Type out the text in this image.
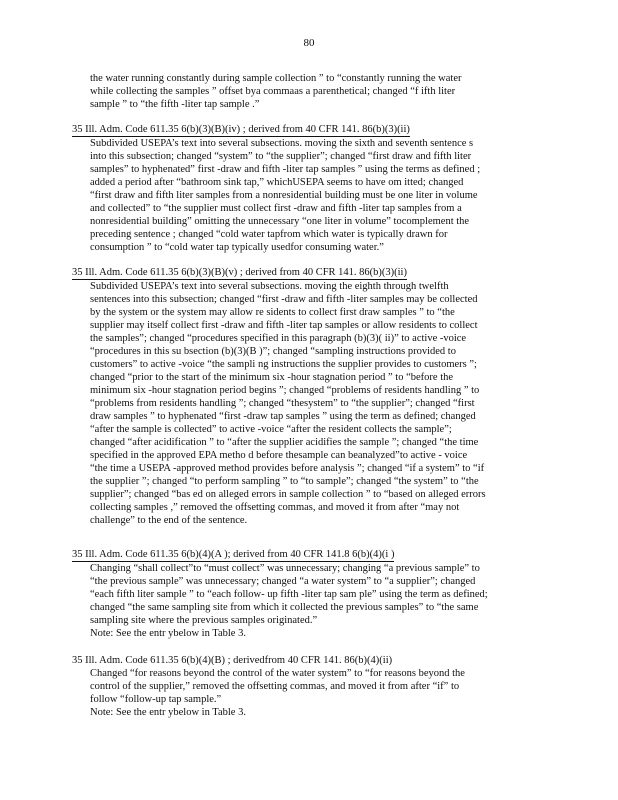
80
the water running constantly during sample collection ” to “constantly running the water
while collecting the samples ” offset bya commaas a parenthetical; changed “f ifth liter
sample ” to “the fifth -liter tap sample .”
35 Ill. Adm. Code 611.35 6(b)(3)(B)(iv) ; derived from 40 CFR 141. 86(b)(3)(ii)
Subdivided USEPA’s text into several subsections. moving the sixth and seventh sentence s
into this subsection; changed “system” to “the supplier”; changed “first draw and fifth liter
samples” to hyphenated” first -draw and fifth -liter tap samples ” using the terms as defined ;
added a period after “bathroom sink tap,” whichUSEPA seems to have om itted; changed
“first draw and fifth liter samples from a nonresidential building must be one liter in volume
and collected” to “the supplier must collect first -draw and fifth -liter tap samples from a
nonresidential building” omitting the unnecessary “one liter in volume” tocomplement the
preceding sentence ; changed “cold water tapfrom which water is typically drawn for
consumption ” to “cold water tap typically usedfor consuming water.”
35 Ill. Adm. Code 611.35 6(b)(3)(B)(v) ; derived from 40 CFR 141. 86(b)(3)(ii)
Subdivided USEPA’s text into several subsections. moving the eighth through twelfth
sentences into this subsection; changed “first -draw and fifth -liter samples may be collected
by the system or the system may allow re sidents to collect first draw samples ” to “the
supplier may itself collect first -draw and fifth -liter tap samples or allow residents to collect
the samples”; changed “procedures specified in this paragraph (b)(3)( ii)” to active -voice
“procedures in this su bsection (b)(3)(B )”; changed “sampling instructions provided to
customers” to active -voice “the sampli ng instructions the supplier provides to customers ”;
changed “prior to the start of the minimum six -hour stagnation period ” to “before the
minimum six -hour stagnation period begins ”; changed “problems of residents handling ” to
“problems from residents handling ”; changed “thesystem” to “the supplier”; changed “first
draw samples ” to hyphenated “first -draw tap samples ” using the term as defined; changed
“after the sample is collected” to active -voice “after the resident collects the sample”;
changed “after acidification ” to “after the supplier acidifies the sample ”; changed “the time
specified in the approved EPA metho d before thesample can beanalyzed”to active - voice
“the time a USEPA -approved method provides before analysis ”; changed “if a system” to “if
the supplier ”; changed “to perform sampling ” to “to sample”; changed “the system” to “the
supplier”; changed “bas ed on alleged errors in sample collection ” to “based on alleged errors
collecting samples ,” removed the offsetting commas, and moved it from after “may not
challenge” to the end of the sentence.
35 Ill. Adm. Code 611.35 6(b)(4)(A ); derived from 40 CFR 141.8 6(b)(4)(i )
Changing “shall collect”to “must collect” was unnecessary; changing “a previous sample” to
“the previous sample” was unnecessary; changed “a water system” to “a supplier”; changed
“each fifth liter sample ” to “each follow- up fifth -liter tap sam ple” using the term as defined;
changed “the same sampling site from which it collected the previous samples” to “the same
sampling site where the previous samples originated.”
Note: See the entr ybelow in Table 3.
35 Ill. Adm. Code 611.35 6(b)(4)(B) ; derivedfrom 40 CFR 141. 86(b)(4)(ii)
Changed “for reasons beyond the control of the water system” to “for reasons beyond the
control of the supplier,” removed the offsetting commas, and moved it from after “if” to
follow “follow-up tap sample.”
Note: See the entr ybelow in Table 3.
